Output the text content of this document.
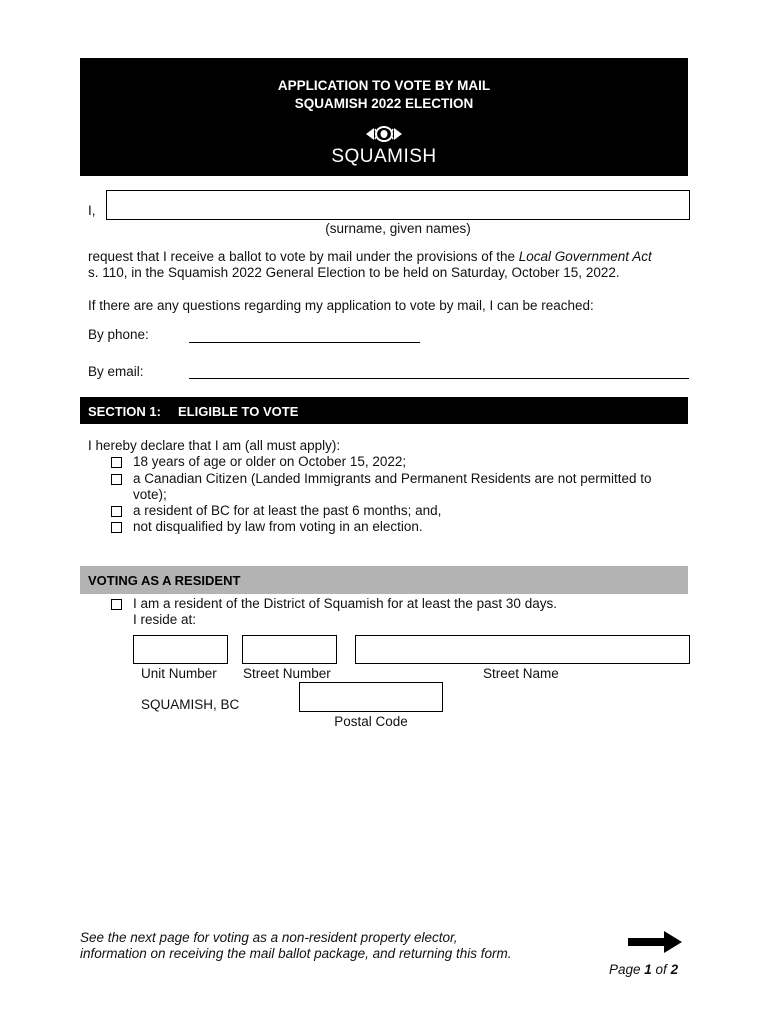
APPLICATION TO VOTE BY MAIL
SQUAMISH 2022 ELECTION
SQUAMISH
I,
(surname, given names)
request that I receive a ballot to vote by mail under the provisions of the Local Government Act
s. 110, in the Squamish 2022 General Election to be held on Saturday, October 15, 2022.
If there are any questions regarding my application to vote by mail, I can be reached:
By phone:
By email:
SECTION 1: ELIGIBLE TO VOTE
I hereby declare that I am (all must apply):
18 years of age or older on October 15, 2022;
a Canadian Citizen (Landed Immigrants and Permanent Residents are not permitted to
vote);
a resident of BC for at least the past 6 months; and,
not disqualified by law from voting in an election.
VOTING AS A RESIDENT
I am a resident of the District of Squamish for at least the past 30 days.
I reside at:
Unit Number Street Number	Street Name
SQUAMISH, BC
Postal Code
See the next page for voting as a non-resident property elector,
information on receiving the mail ballot package, and returning this form.
Page 1 of 2
